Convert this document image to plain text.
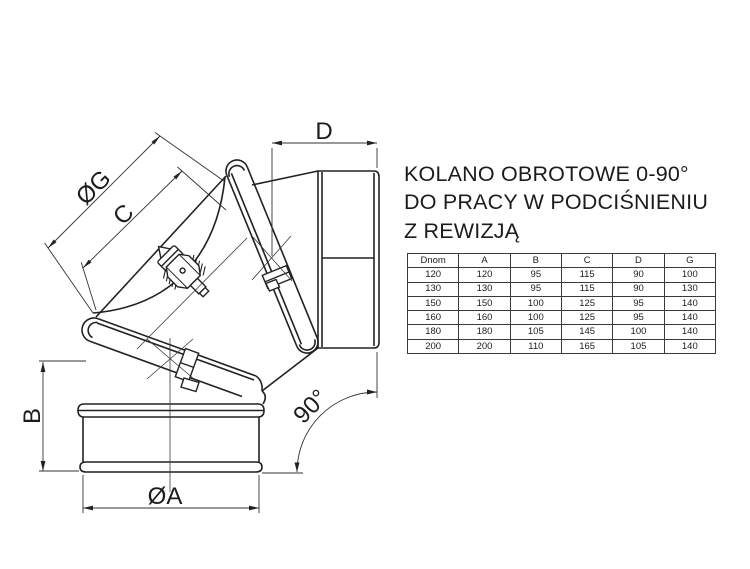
D
ØG
C
B
ØA
90°
KOLANO OBROTOWE 0-90°
DO PRACY W PODCIŚNIENIU
Z REWIZJĄ
Dnom	A	B	C	D	G
120	120	95	115	90	100
130	130	95	115	90	130
150	150	100	125	95	140
160	160	100	125	95	140
180	180	105	145	100	140
200	200	110	165	105	140
